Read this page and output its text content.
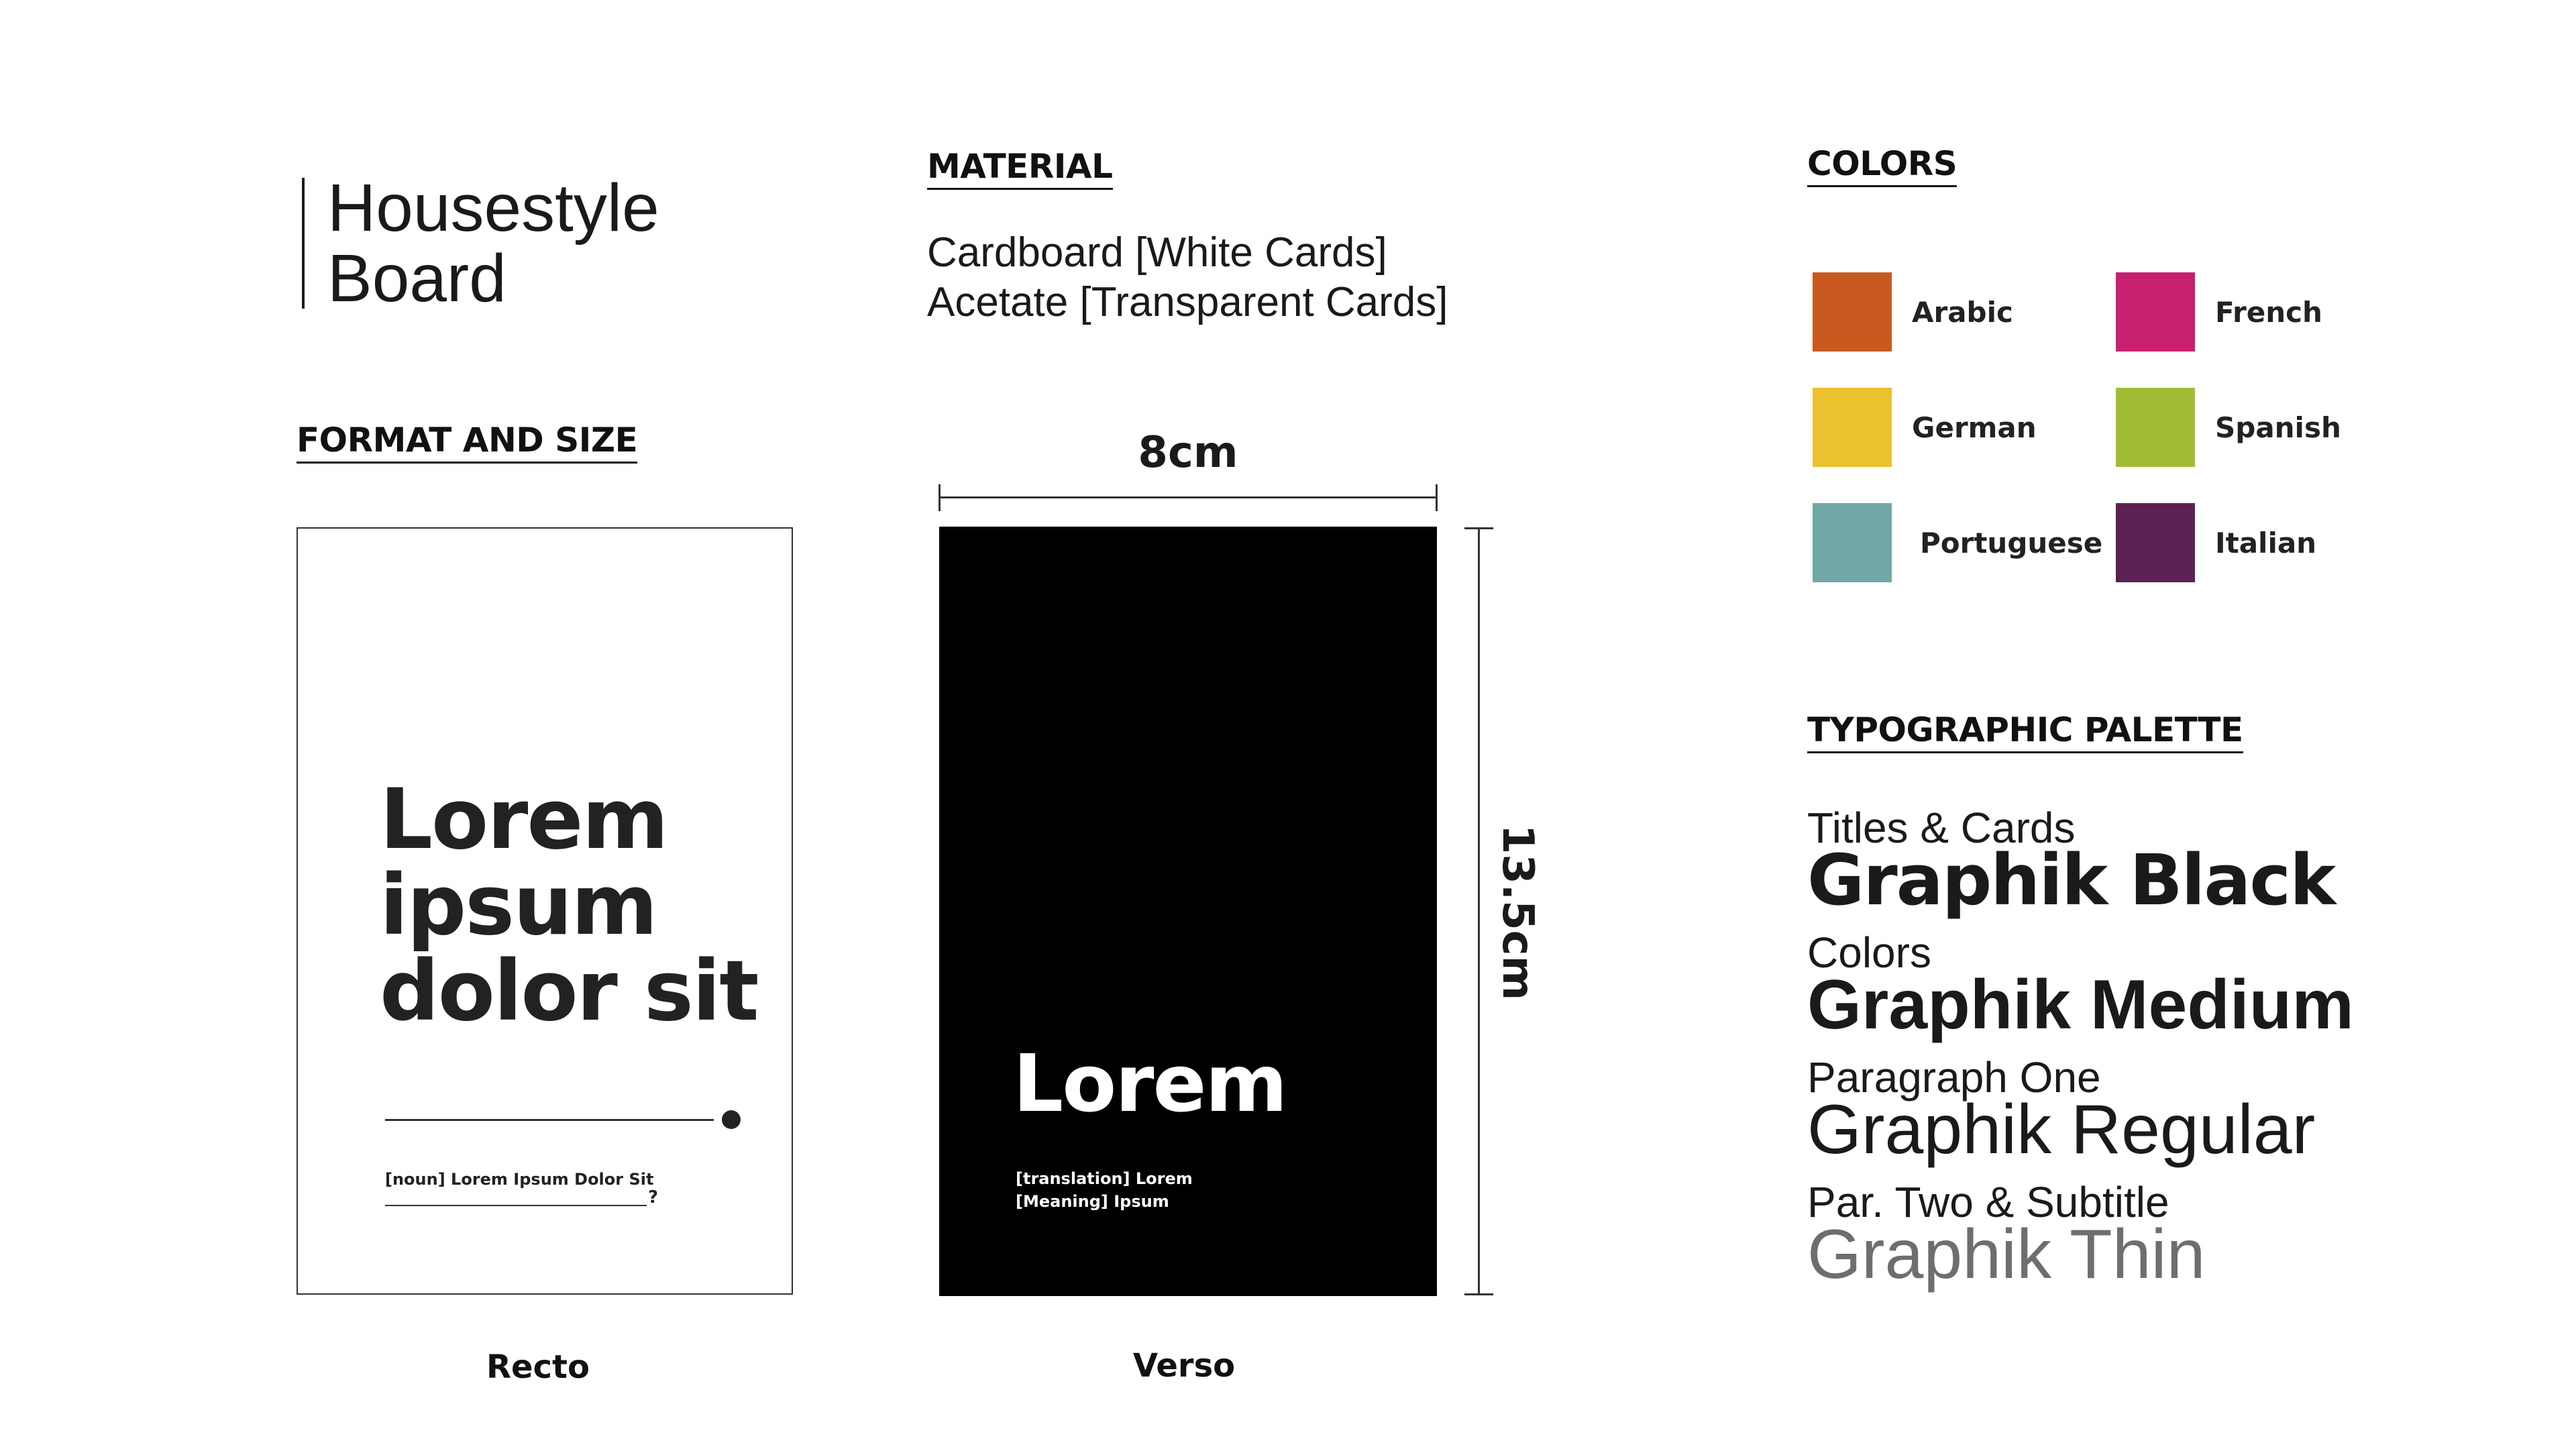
Housestyle
Board
FORMAT AND SIZE
MATERIAL	COLORS
TYPOGRAPHIC PALETTE
Cardboard [White Cards]
Acetate [Transparent Cards]
Lorem
ipsum
dolor sit
[noun] Lorem Ipsum Dolor Sit
?
8cm
Lorem
[translation] Lorem
[Meaning] Ipsum
13.5cm
Recto	Verso
Arabic	French
German	Spanish
Portuguese	Italian
Titles & Cards
Graphik Black
Colors
Graphik Medium
Paragraph One
Graphik Regular
Par. Two & Subtitle
Graphik Thin
